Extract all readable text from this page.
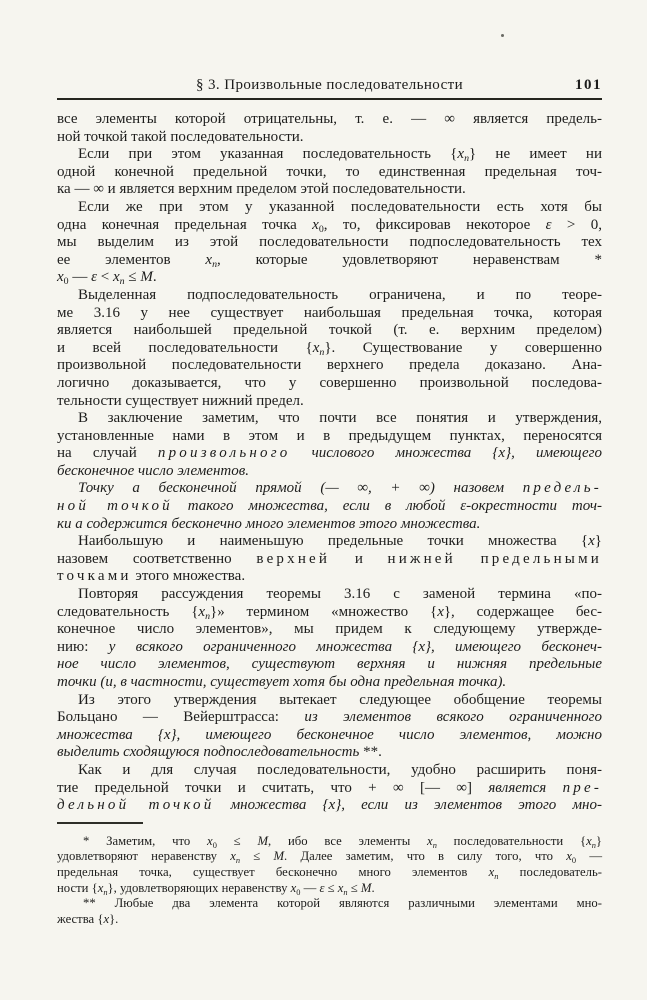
§ 3. Произвольные последовательности	101
все элементы которой отрицательны, т. е. — ∞ является предель-
ной точкой такой последовательности.
Если при этом указанная последовательность $\{x_n\}$ не имеет ни
одной конечной предельной точки, то единственная предельная точ-
ка — ∞ и является верхним пределом этой последовательности.
Если же при этом у указанной последовательности есть хотя бы
одна конечная предельная точка $x_0$, то, фиксировав некоторое ε > 0,
мы выделим из этой последовательности подпоследовательность тех
ее элементов $x_n$, которые удовлетворяют неравенствам *
$x_0$ — $\varepsilon < x_n \le M$.
Выделенная подпоследовательность ограничена, и по теоре-
ме 3.16 у нее существует наибольшая предельная точка, которая
является наибольшей предельной точкой (т. е. верхним пределом)
и всей последовательности $\{x_n\}$. Существование у совершенно
произвольной последовательности верхнего предела доказано. Ана-
логично доказывается, что у совершенно произвольной последова-
тельности существует нижний предел.
В заключение заметим, что почти все понятия и утверждения,
установленные нами в этом и в предыдущем пунктах, переносятся
на случай произвольного числового множества {x}, имеющего
бесконечное число элементов.
Точку a бесконечной прямой (— ∞, + ∞) назовем предель-
ной точкой такого множества, если в любой ε-окрестности точ-
ки a содержится бесконечно много элементов этого множества.
Наибольшую и наименьшую предельные точки множества {x}
назовем соответственно верхней и нижней предельными
точками этого множества.
Повторяя рассуждения теоремы 3.16 с заменой термина «по-
следовательность $\{x_n\}$» термином «множество {x}, содержащее бес-
конечное число элементов», мы придем к следующему утвержде-
нию: у всякого ограниченного множества {x}, имеющего бесконеч-
ное число элементов, существуют верхняя и нижняя предельные
точки (и, в частности, существует хотя бы одна предельная точка).
Из этого утверждения вытекает следующее обобщение теоремы
Больцано — Вейерштрасса: из элементов всякого ограниченного
множества {x}, имеющего бесконечное число элементов, можно
выделить сходящуюся подпоследовательность **.
Как и для случая последовательности, удобно расширить поня-
тие предельной точки и считать, что + ∞ [— ∞] является пре-
дельной точкой множества {x}, если из элементов этого мно-
* Заметим, что $x_0 \le M$, ибо все элементы $x_n$ последовательности $\{x_n\}$
удовлетворяют неравенству $x_n \le M$. Далее заметим, что в силу того, что $x_0$ —
предельная точка, существует бесконечно много элементов $x_n$ последователь-
ности $\{x_n\}$, удовлетворяющих неравенству $x_0$ — $\varepsilon \le x_n \le M$.
** Любые два элемента которой являются различными элементами мно-
жества {x}.
